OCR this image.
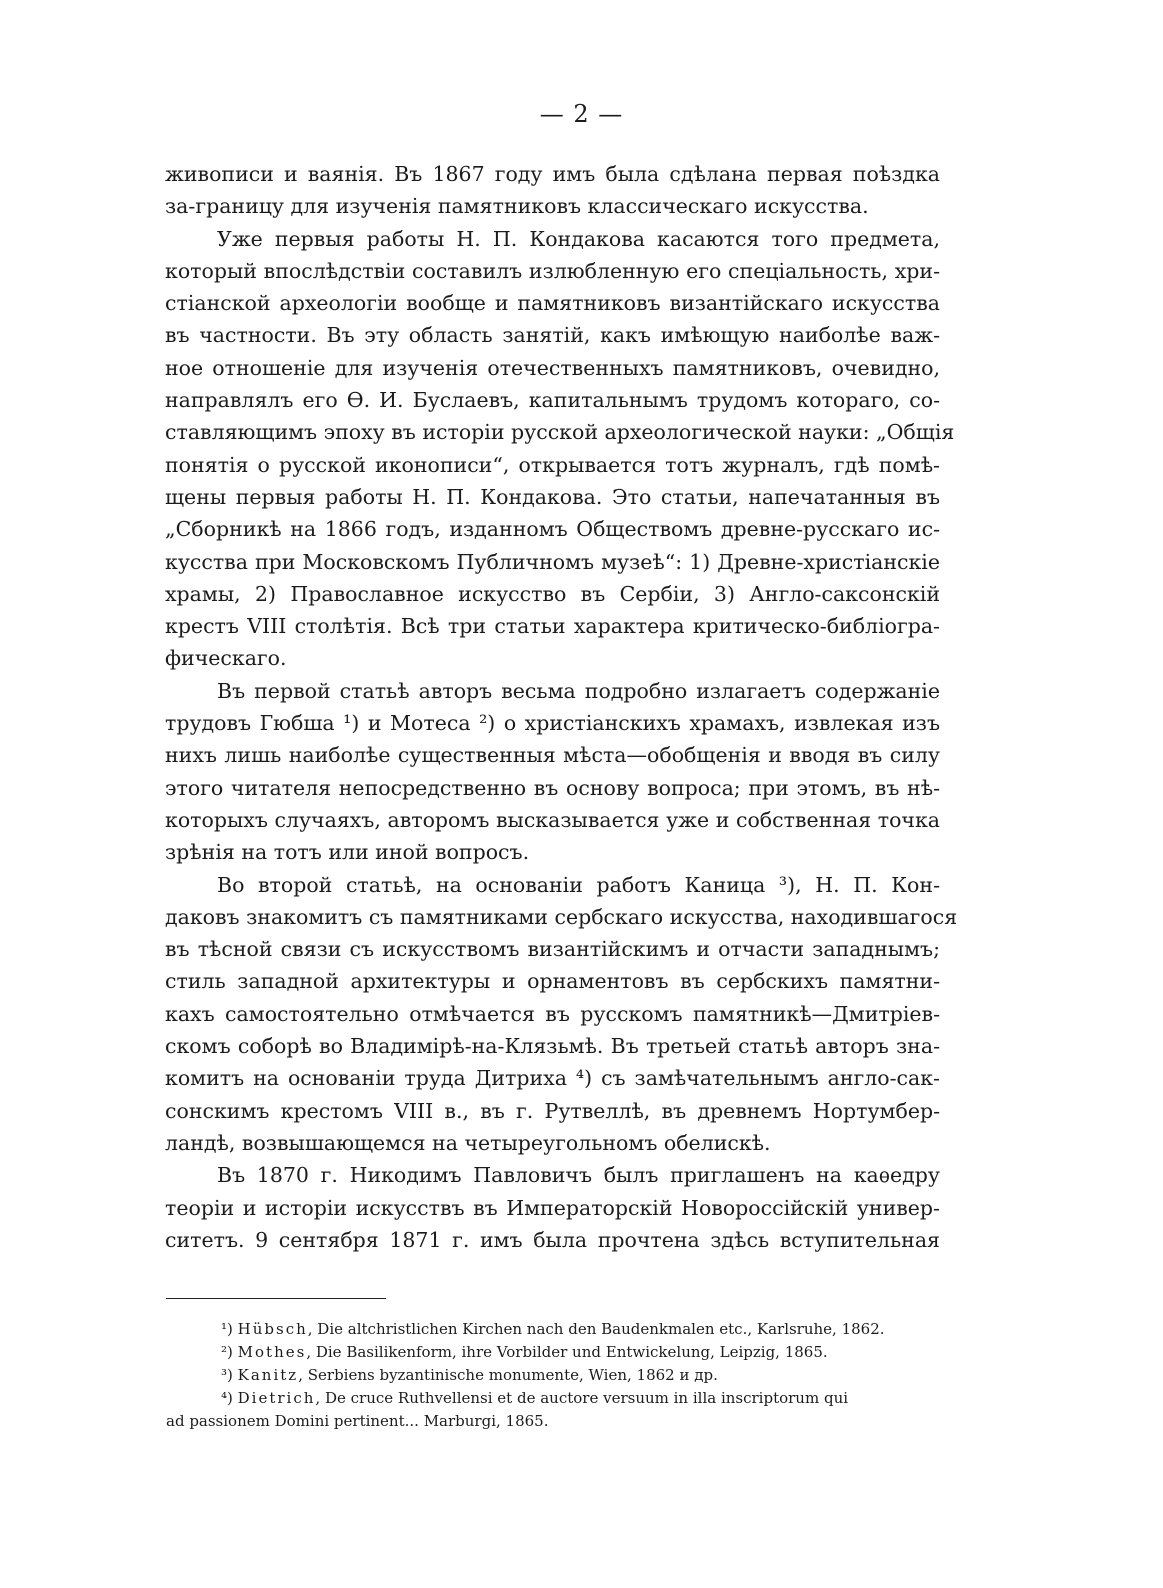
— 2 —
живописи и ваянія. Въ 1867 году имъ была сдѣлана первая поѣздка
за-границу для изученія памятниковъ классическаго искусства.
Уже первыя работы Н. П. Кондакова касаются того предмета,
который впослѣдствіи составилъ излюбленную его спеціальность, хри-
стіанской археологіи вообще и памятниковъ византійскаго искусства
въ частности. Въ эту область занятій, какъ имѣющую наиболѣе важ-
ное отношеніе для изученія отечественныхъ памятниковъ, очевидно,
направлялъ его Ѳ. И. Буслаевъ, капитальнымъ трудомъ котораго, со-
ставляющимъ эпоху въ исторіи русской археологической науки: „Общія
понятія о русской иконописи“, открывается тотъ журналъ, гдѣ помѣ-
щены первыя работы Н. П. Кондакова. Это статьи, напечатанныя въ
„Сборникѣ на 1866 годъ, изданномъ Обществомъ древне-русскаго ис-
кусства при Московскомъ Публичномъ музеѣ“: 1) Древне-христіанскіе
храмы, 2) Православное искусство въ Сербіи, 3) Англо-саксонскій
крестъ VIII столѣтія. Всѣ три статьи характера критическо-библіогра-
фическаго.
Въ первой статьѣ авторъ весьма подробно излагаетъ содержаніе
трудовъ Гюбша ¹) и Мотеса ²) о христіанскихъ храмахъ, извлекая изъ
нихъ лишь наиболѣе существенныя мѣста—обобщенія и вводя въ силу
этого читателя непосредственно въ основу вопроса; при этомъ, въ нѣ-
которыхъ случаяхъ, авторомъ высказывается уже и собственная точка
зрѣнія на тотъ или иной вопросъ.
Во второй статьѣ, на основаніи работъ Каница ³), Н. П. Кон-
даковъ знакомитъ съ памятниками сербскаго искусства, находившагося
въ тѣсной связи съ искусствомъ византійскимъ и отчасти западнымъ;
стиль западной архитектуры и орнаментовъ въ сербскихъ памятни-
кахъ самостоятельно отмѣчается въ русскомъ памятникѣ—Дмитріев-
скомъ соборѣ во Владимірѣ-на-Клязьмѣ. Въ третьей статьѣ авторъ зна-
комитъ на основаніи труда Дитриха ⁴) съ замѣчательнымъ англо-сак-
сонскимъ крестомъ VIII в., въ г. Рутвеллѣ, въ древнемъ Нортумбер-
ландѣ, возвышающемся на четыреугольномъ обелискѣ.
Въ 1870 г. Никодимъ Павловичъ былъ приглашенъ на каѳедру
теоріи и исторіи искусствъ въ Императорскій Новороссійскій универ-
ситетъ. 9 сентября 1871 г. имъ была прочтена здѣсь вступительная
¹) Hübsch, Die altchristlichen Kirchen nach den Baudenkmalen etc., Karlsruhe, 1862.
²) Mothes, Die Basilikenform, ihre Vorbilder und Entwickelung, Leipzig, 1865.
³) Kanitz, Serbiens byzantinische monumente, Wien, 1862 и др.
⁴) Dietrich, De cruce Ruthvellensi et de auctore versuum in illa inscriptorum qui
ad passionem Domini pertinent... Marburgi, 1865.
